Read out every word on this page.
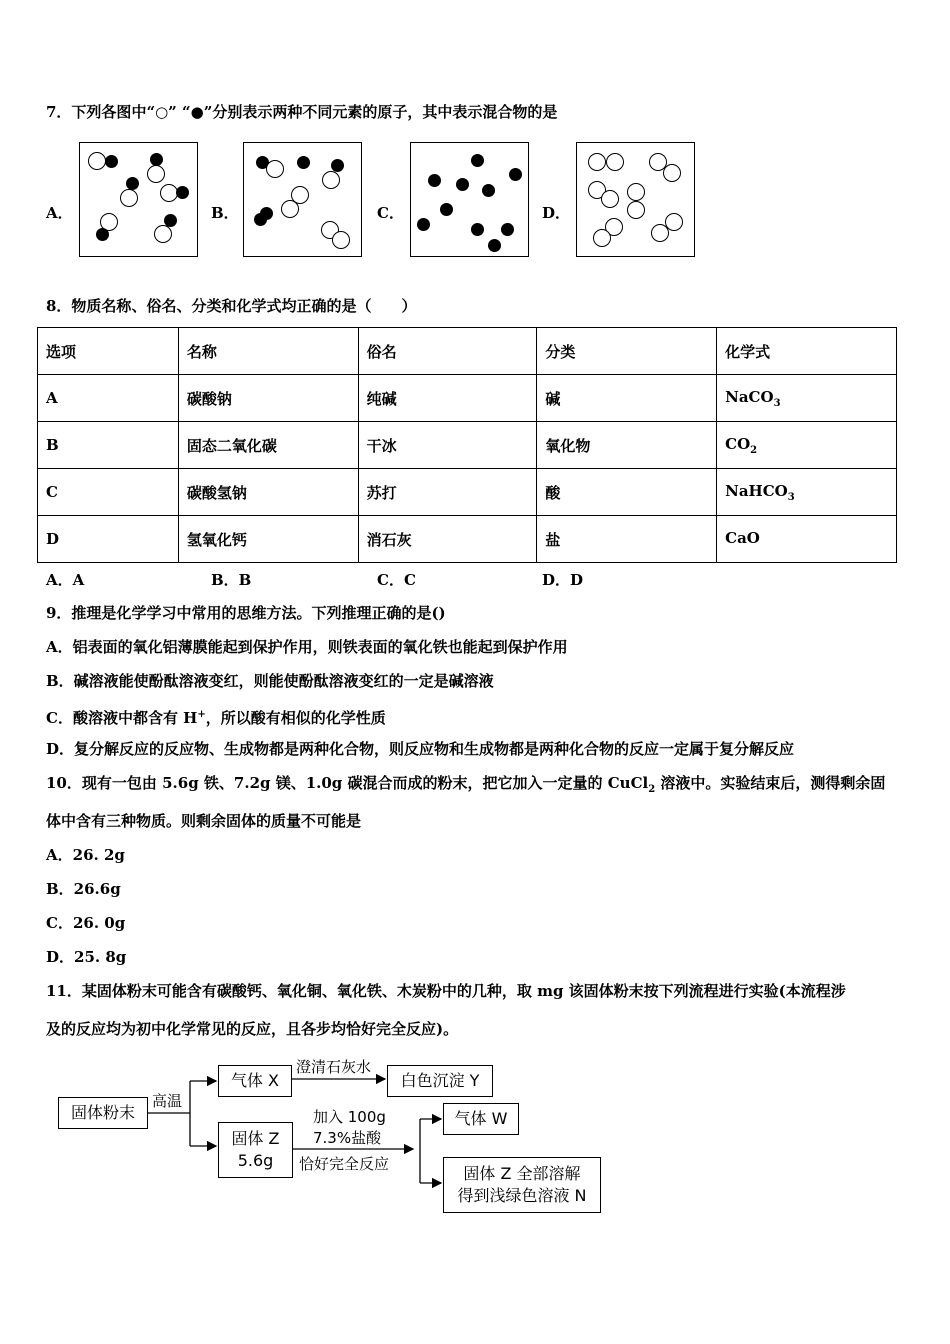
7．下列各图中“○” “●”分别表示两种不同元素的原子，其中表示混合物的是
A．	B．	C．	D．
8．物质名称、俗名、分类和化学式均正确的是（　　）
选项	名称	俗名	分类	化学式
A	碳酸钠	纯碱	碱	NaCO$_3$
B	固态二氧化碳	干冰	氧化物	$CO_2$
C	碳酸氢钠	苏打	酸	NaHCO$_3$
D	氢氧化钙	消石灰	盐	CaO
A．A	B．B	C．C	D．D
9．推理是化学学习中常用的思维方法。下列推理正确的是()
A．铝表面的氧化铝薄膜能起到保护作用，则铁表面的氧化铁也能起到保护作用
B．碱溶液能使酚酞溶液变红，则能使酚酞溶液变红的一定是碱溶液
C．酸溶液中都含有 H+，所以酸有相似的化学性质
D．复分解反应的反应物、生成物都是两种化合物，则反应物和生成物都是两种化合物的反应一定属于复分解反应
10．现有一包由 5.6g 铁、7.2g 镁、1.0g 碳混合而成的粉末，把它加入一定量的 CuCl$_2$ 溶液中。实验结束后，测得剩余固
体中含有三种物质。则剩余固体的质量不可能是
A．26. 2g
B．26.6g
C．26. 0g
D．25. 8g
11．某固体粉末可能含有碳酸钙、氧化铜、氧化铁、木炭粉中的几种，取 mg 该固体粉末按下列流程进行实验(本流程涉
及的反应均为初中化学常见的反应，且各步均恰好完全反应)。
固体粉末
高温
气体 X
澄清石灰水
白色沉淀 Y
固体 Z
5.6g
加入 100g
7.3%盐酸
恰好完全反应
气体 W
固体 Z 全部溶解
得到浅绿色溶液 N
